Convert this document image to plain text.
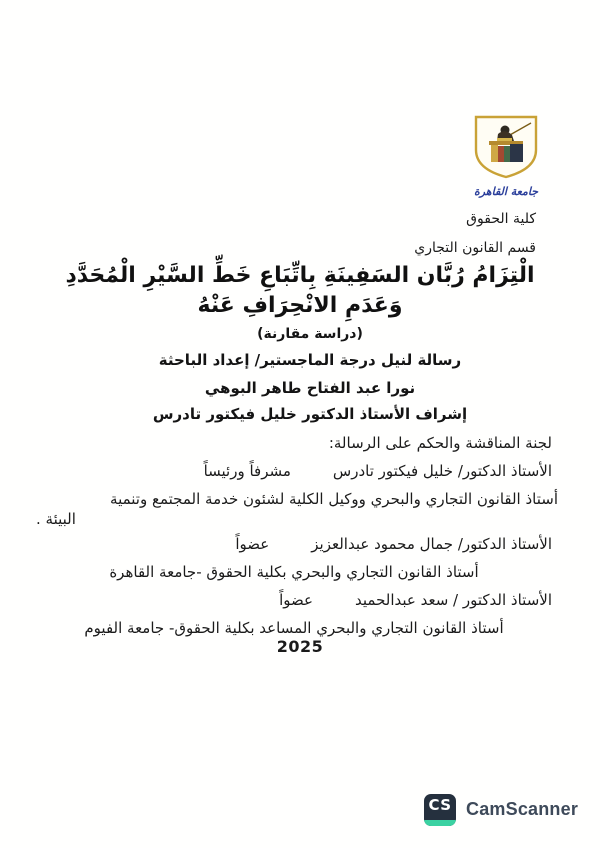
جامعة القاهرة
كلية الحقوق
قسم القانون التجاري
الْتِزَامُ رُبَّان السَفِينَةِ بِاتِّبَاعِ خَطِّ السَّيْرِ الْمُحَدَّدِ
وَعَدَمِ الانْحِرَافِ عَنْهُ
(دراسة مقارنة)
رسالة لنيل درجة الماجستير/ إعداد الباحثة
نورا عبد الفتاح طاهر البوهي
إشراف الأستاذ الدكتور خليل فيكتور تادرس
لجنة المناقشة والحكم على الرسالة:
الأستاذ الدكتور/ خليل فيكتور تادرس
مشرفاً ورئيساً
أستاذ القانون التجاري والبحري ووكيل الكلية لشئون خدمة المجتمع وتنمية
البيئة .
الأستاذ الدكتور/ جمال محمود عبدالعزيز
عضواً
أستاذ القانون التجاري والبحري بكلية الحقوق -جامعة القاهرة
الأستاذ الدكتور / سعد عبدالحميد
عضواً
أستاذ القانون التجاري والبحري المساعد بكلية الحقوق- جامعة الفيوم
2025
CS CamScanner
